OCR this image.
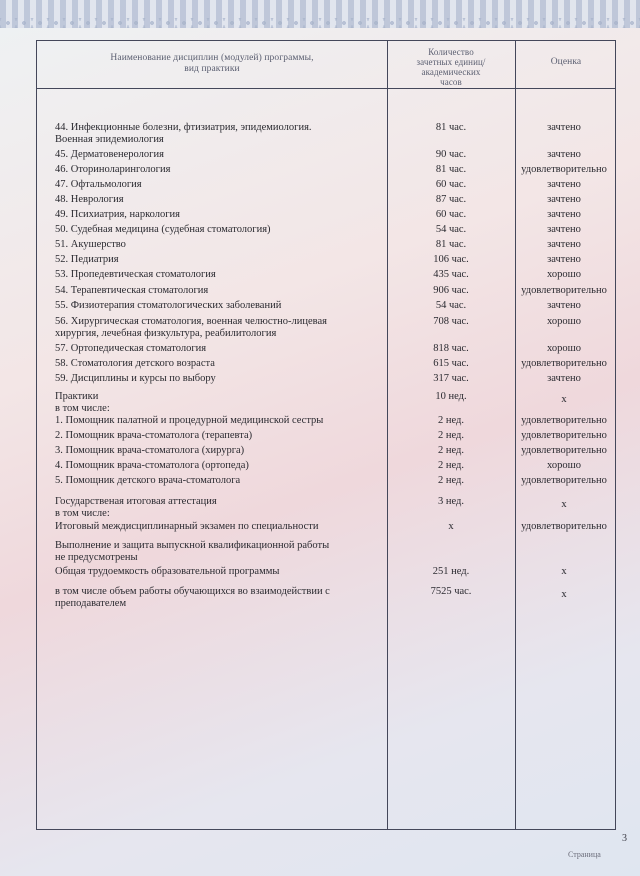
Наименование дисциплин (модулей) программы,
вид практики
Количество
зачетных единиц/
академических
часов
Оценка
44. Инфекционные болезни, фтизиатрия, эпидемиология.
Военная эпидемиология
81 час.	зачтено
45. Дерматовенерология	90 час.	зачтено
46. Оториноларингология	81 час.	удовлетворительно
47. Офтальмология	60 час.	зачтено
48. Неврология	87 час.	зачтено
49. Психиатрия, наркология	60 час.	зачтено
50. Судебная медицина (судебная стоматология)	54 час.	зачтено
51. Акушерство	81 час.	зачтено
52. Педиатрия	106 час.	зачтено
53. Пропедевтическая стоматология	435 час.	хорошо
54. Терапевтическая стоматология	906 час.	удовлетворительно
55. Физиотерапия стоматологических заболеваний	54 час.	зачтено
56. Хирургическая стоматология, военная челюстно-лицевая
хирургия, лечебная физкультура, реабилитология
708 час.	хорошо
57. Ортопедическая стоматология	818 час.	хорошо
58. Стоматология детского возраста	615 час.	удовлетворительно
59. Дисциплины и курсы по выбору	317 час.	зачтено
Практики
в том числе:
10 нед.	х
1. Помощник палатной и процедурной медицинской сестры	2 нед.	удовлетворительно
2. Помощник врача-стоматолога (терапевта)	2 нед.	удовлетворительно
3. Помощник врача-стоматолога (хирурга)	2 нед.	удовлетворительно
4. Помощник врача-стоматолога (ортопеда)	2 нед.	хорошо
5. Помощник детского врача-стоматолога	2 нед.	удовлетворительно
Государственая итоговая аттестация
в том числе:
3 нед.	х
Итоговый междисциплинарный экзамен по специальности	х	удовлетворительно
Выполнение и защита выпускной квалификационной работы
не предусмотрены
Общая трудоемкость образовательной программы	251 нед.	х
в том числе объем работы обучающихся во взаимодействии с
преподавателем
7525 час.	х
3
Страница
